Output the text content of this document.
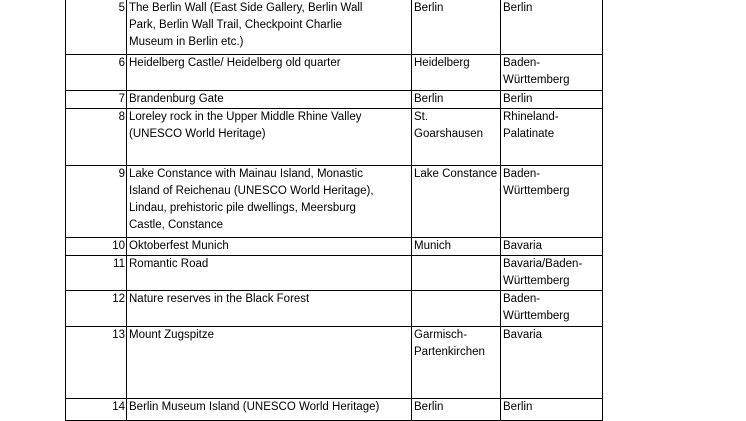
5	The Berlin Wall (East Side Gallery, Berlin Wall
Park, Berlin Wall Trail, Checkpoint Charlie
Museum in Berlin etc.)	Berlin	Berlin
6	Heidelberg Castle/ Heidelberg old quarter	Heidelberg	Baden-
Württemberg
7	Brandenburg Gate	Berlin	Berlin
8	Loreley rock in the Upper Middle Rhine Valley
(UNESCO World Heritage)	St.
Goarshausen	Rhineland-
Palatinate
9	Lake Constance with Mainau Island, Monastic
Island of Reichenau (UNESCO World Heritage),
Lindau, prehistoric pile dwellings, Meersburg
Castle, Constance	Lake Constance	Baden-
Württemberg
10	Oktoberfest Munich	Munich	Bavaria
11	Romantic Road		Bavaria/Baden-
Württemberg
12	Nature reserves in the Black Forest		Baden-
Württemberg
13	Mount Zugspitze	Garmisch-
Partenkirchen	Bavaria
14	Berlin Museum Island (UNESCO World Heritage)	Berlin	Berlin
